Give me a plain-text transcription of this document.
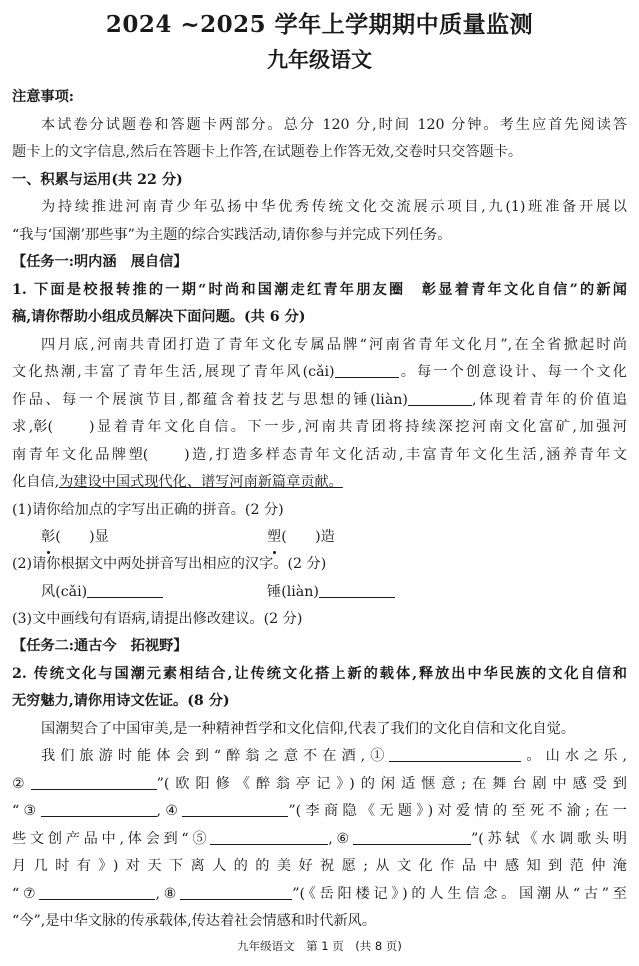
2024 ~2025 学年上学期期中质量监测
九年级语文
注意事项:
本试卷分试题卷和答题卡两部分。总分 120 分,时间 120 分钟。考生应首先阅读答
题卡上的文字信息,然后在答题卡上作答,在试题卷上作答无效,交卷时只交答题卡。
一、积累与运用(共 22 分)
为持续推进河南青少年弘扬中华优秀传统文化交流展示项目,九(1)班准备开展以
“我与‘国潮’那些事”为主题的综合实践活动,请你参与并完成下列任务。
【任务一:明内涵　展自信】
1. 下面是校报转推的一期“时尚和国潮走红青年朋友圈　彰显着青年文化自信”的新闻
稿,请你帮助小组成员解决下面问题。(共 6 分)
四月底,河南共青团打造了青年文化专属品牌“河南省青年文化月”,在全省掀起时尚
文化热潮,丰富了青年生活,展现了青年风(cǎi)	。每一个创意设计、每一个文化
作品、每一个展演节目,都蕴含着技艺与思想的锤(liàn)	,体现着青年的价值追
求,彰(　　)显着青年文化自信。下一步,河南共青团将持续深挖河南文化富矿,加强河
南青年文化品牌塑(　　)造,打造多样态青年文化活动,丰富青年文化生活,涵养青年文
化自信,为建设中国式现代化、谱写河南新篇章贡献。
(1)请你给加点的字写出正确的拼音。(2 分)
彰(　　)显	塑(　　)造
(2)请你根据文中两处拼音写出相应的汉字。(2 分)
风(cǎi)	锤(liàn)
(3)文中画线句有语病,请提出修改建议。(2 分)
【任务二:通古今　拓视野】
2. 传统文化与国潮元素相结合,让传统文化搭上新的载体,释放出中华民族的文化自信和
无穷魅力,请你用诗文佐证。(8 分)
国潮契合了中国审美,是一种精神哲学和文化信仰,代表了我们的文化自信和文化自觉。
我们旅游时能体会到“醉翁之意不在酒,①	。山水之乐,
②	”(欧阳修《醉翁亭记》)的闲适惬意;在舞台剧中感受到
“③	,④	”(李商隐《无题》)对爱情的至死不渝;在一
些文创产品中,体会到“⑤	,⑥	”(苏轼《水调歌头明
月几时有》)对天下离人的的美好祝愿;从文化作品中感知到范仲淹
“⑦	,⑧	”(《岳阳楼记》)的人生信念。国潮从“古”至
“今”,是中华文脉的传承载体,传达着社会情感和时代新风。
九年级语文　第 1 页　(共 8 页)
